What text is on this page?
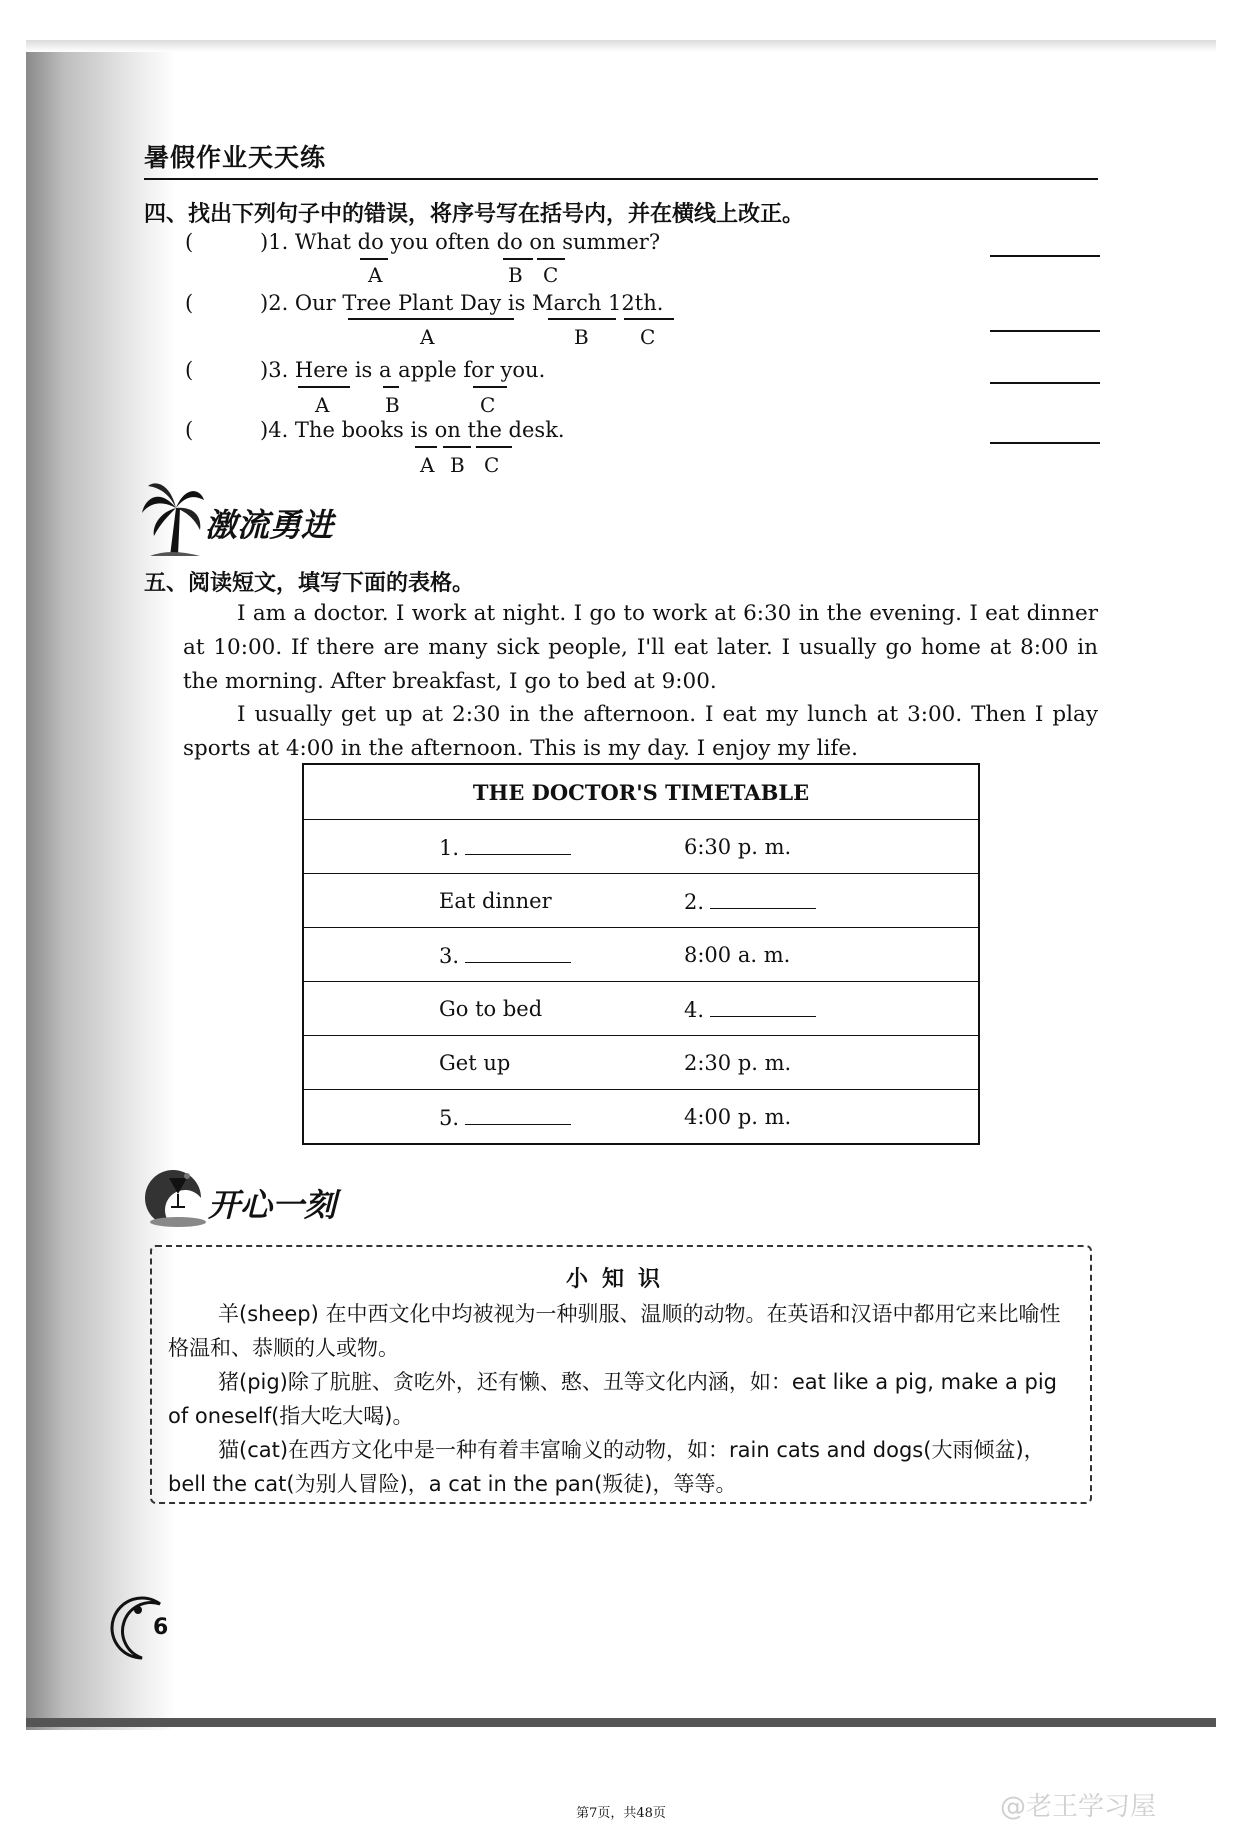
暑假作业天天练
四、找出下列句子中的错误，将序号写在括号内，并在横线上改正。
( )1. What do you often do on summer?
A	B C
( )2. Our Tree Plant Day is March 12th.
A	B	C
( )3. Here is a apple for you.
A	B	C
( )4. The books is on the desk.
A B C
激流勇进
五、阅读短文，填写下面的表格。
I am a doctor. I work at night. I go to work at 6:30 in the evening. I eat dinner at 10:00. If there are many sick people, I'll eat later. I usually go home at 8:00 in the morning. After breakfast, I go to bed at 9:00.
I usually get up at 2:30 in the afternoon. I eat my lunch at 3:00. Then I play sports at 4:00 in the afternoon. This is my day. I enjoy my life.
THE DOCTOR'S TIMETABLE	
1.	6:30 p. m.
Eat dinner	2.
3.	8:00 a. m.
Go to bed	4.
Get up	2:30 p. m.
5.	4:00 p. m.
开心一刻
小知识
羊(sheep) 在中西文化中均被视为一种驯服、温顺的动物。在英语和汉语中都用它来比喻性格温和、恭顺的人或物。
猪(pig)除了肮脏、贪吃外，还有懒、憨、丑等文化内涵，如：eat like a pig, make a pig of oneself(指大吃大喝)。
猫(cat)在西方文化中是一种有着丰富喻义的动物，如：rain cats and dogs(大雨倾盆)，bell the cat(为别人冒险)，a cat in the pan(叛徒)，等等。
6
第7页，共48页	@老王学习屋
